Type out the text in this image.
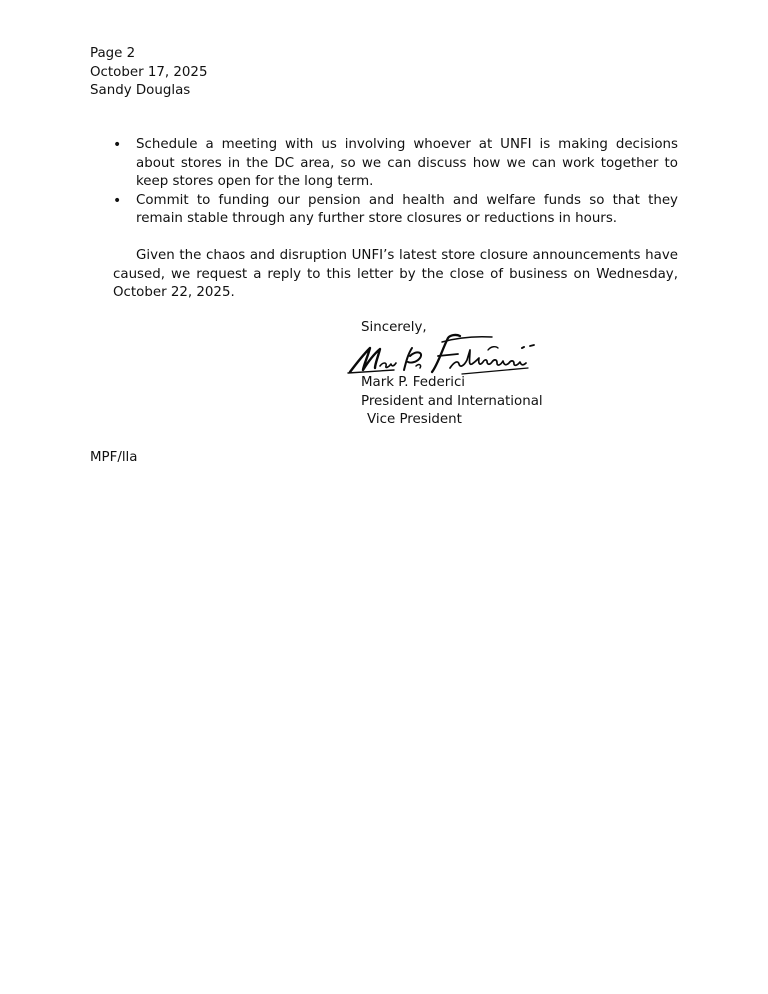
Page 2
October 17, 2025
Sandy Douglas
• Schedule a meeting with us involving whoever at UNFI is making decisions about stores in the DC area, so we can discuss how we can work together to keep stores open for the long term.
• Commit to funding our pension and health and welfare funds so that they remain stable through any further store closures or reductions in hours.
Given the chaos and disruption UNFI’s latest store closure announcements have caused, we request a reply to this letter by the close of business on Wednesday, October 22, 2025.
Sincerely,
Mark P. Federici
President and International
Vice President
MPF/lla
